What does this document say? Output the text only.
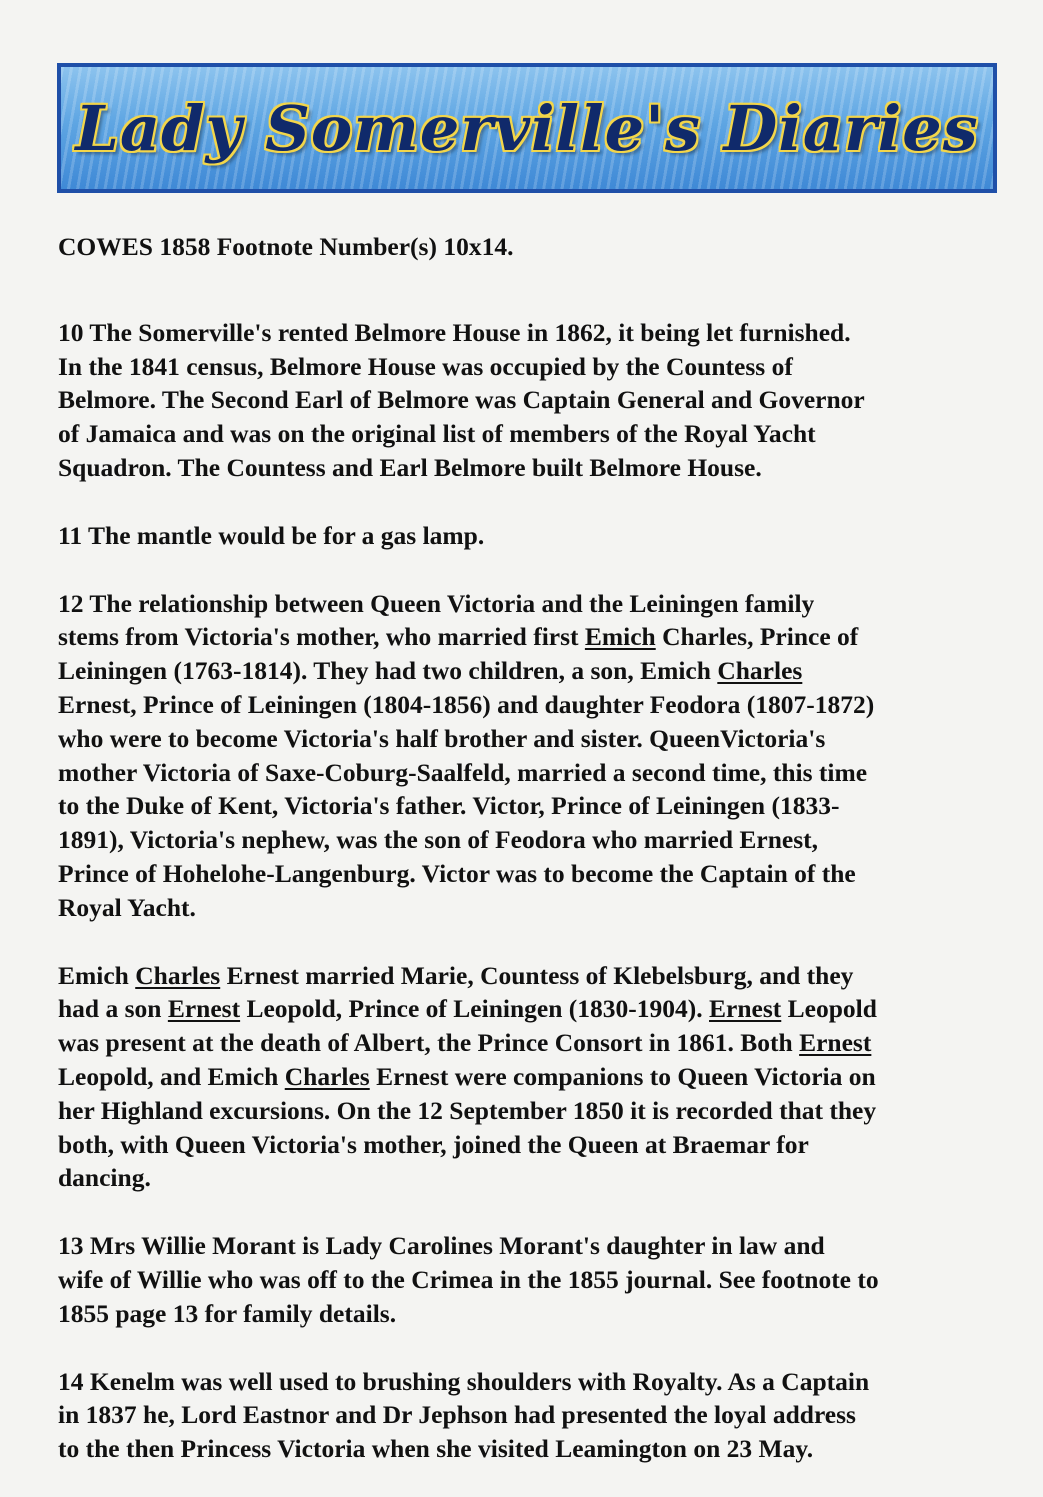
Lady Somerville's Diaries
COWES 1858 Footnote Number(s) 10x14.
10 The Somerville's rented Belmore House in 1862, it being let furnished.
In the 1841 census, Belmore House was occupied by the Countess of
Belmore. The Second Earl of Belmore was Captain General and Governor
of Jamaica and was on the original list of members of the Royal Yacht
Squadron. The Countess and Earl Belmore built Belmore House.
11 The mantle would be for a gas lamp.
12 The relationship between Queen Victoria and the Leiningen family
stems from Victoria's mother, who married first Emich Charles, Prince of
Leiningen (1763-1814). They had two children, a son, Emich Charles
Ernest, Prince of Leiningen (1804-1856) and daughter Feodora (1807-1872)
who were to become Victoria's half brother and sister. QueenVictoria's
mother Victoria of Saxe-Coburg-Saalfeld, married a second time, this time
to the Duke of Kent, Victoria's father. Victor, Prince of Leiningen (1833-
1891), Victoria's nephew, was the son of Feodora who married Ernest,
Prince of Hohelohe-Langenburg. Victor was to become the Captain of the
Royal Yacht.
Emich Charles Ernest married Marie, Countess of Klebelsburg, and they
had a son Ernest Leopold, Prince of Leiningen (1830-1904). Ernest Leopold
was present at the death of Albert, the Prince Consort in 1861. Both Ernest
Leopold, and Emich Charles Ernest were companions to Queen Victoria on
her Highland excursions. On the 12 September 1850 it is recorded that they
both, with Queen Victoria's mother, joined the Queen at Braemar for
dancing.
13 Mrs Willie Morant is Lady Carolines Morant's daughter in law and
wife of Willie who was off to the Crimea in the 1855 journal. See footnote to
1855 page 13 for family details.
14 Kenelm was well used to brushing shoulders with Royalty. As a Captain
in 1837 he, Lord Eastnor and Dr Jephson had presented the loyal address
to the then Princess Victoria when she visited Leamington on 23 May.
